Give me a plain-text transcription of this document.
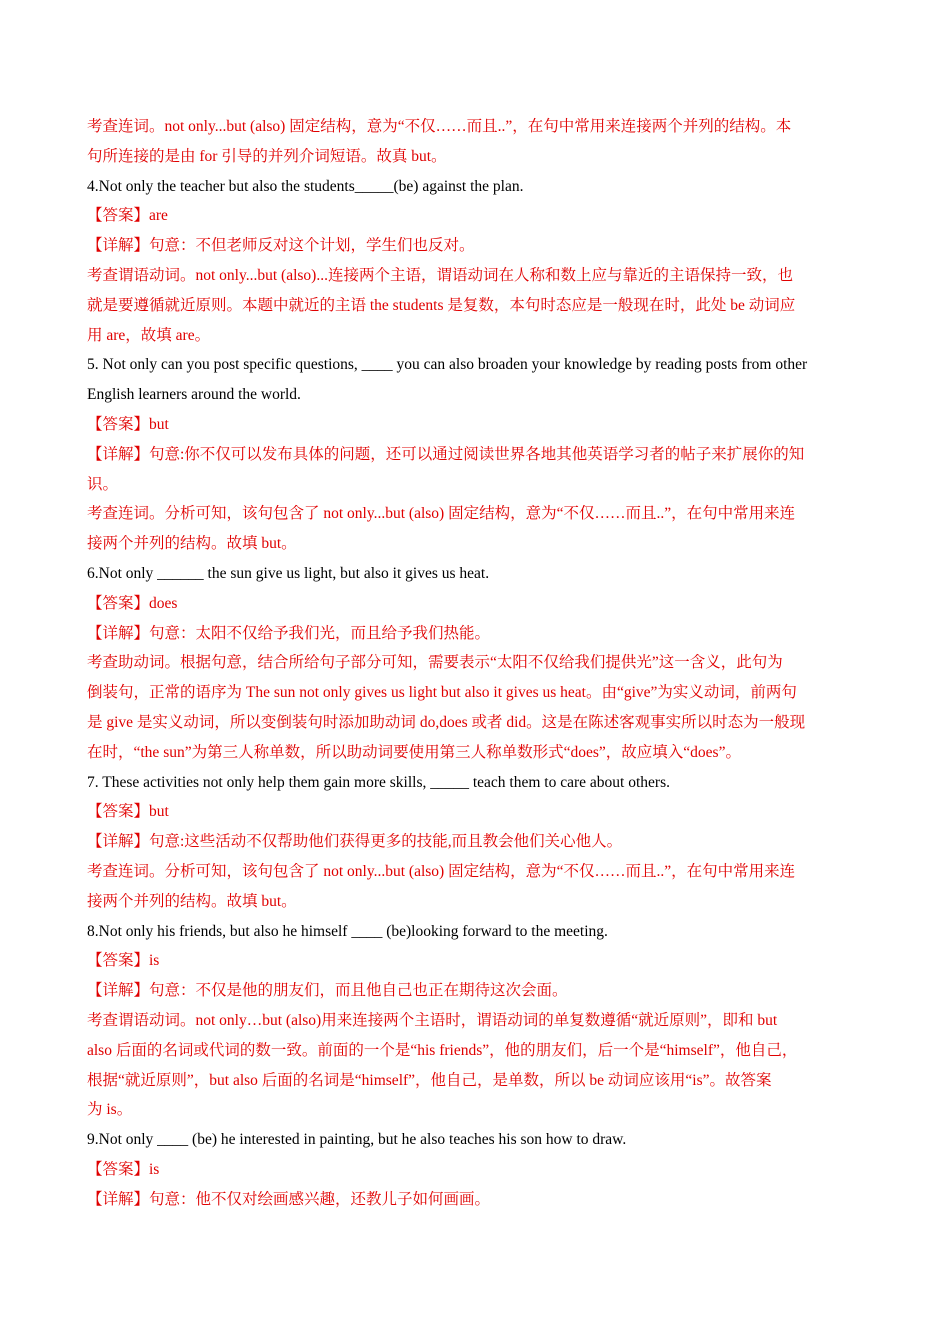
考查连词。not only...but (also) 固定结构，意为“不仅……而且..”，在句中常用来连接两个并列的结构。本

句所连接的是由 for 引导的并列介词短语。故真 but。

4.Not only the teacher but also the students_____(be) against the plan.

【答案】are

【详解】句意：不但老师反对这个计划，学生们也反对。

考查谓语动词。not only...but (also)...连接两个主语，谓语动词在人称和数上应与靠近的主语保持一致，也

就是要遵循就近原则。本题中就近的主语 the students 是复数，本句时态应是一般现在时，此处 be 动词应

用 are，故填 are。

5. Not only can you post specific questions, ____ you can also broaden your knowledge by reading posts from other

English learners around the world.

【答案】but

【详解】句意:你不仅可以发布具体的问题，还可以通过阅读世界各地其他英语学习者的帖子来扩展你的知

识。

考查连词。分析可知，该句包含了 not only...but (also) 固定结构，意为“不仅……而且..”，在句中常用来连

接两个并列的结构。故填 but。

6.Not only ______ the sun give us light, but also it gives us heat.

【答案】does

【详解】句意：太阳不仅给予我们光，而且给予我们热能。

考查助动词。根据句意，结合所给句子部分可知，需要表示“太阳不仅给我们提供光”这一含义，此句为

倒装句，正常的语序为 The sun not only gives us light but also it gives us heat。由“give”为实义动词，前两句

是 give 是实义动词，所以变倒装句时添加助动词 do,does 或者 did。这是在陈述客观事实所以时态为一般现

在时，“the sun”为第三人称单数，所以助动词要使用第三人称单数形式“does”，故应填入“does”。

7. These activities not only help them gain more skills, _____ teach them to care about others.

【答案】but

【详解】句意:这些活动不仅帮助他们获得更多的技能,而且教会他们关心他人。

考查连词。分析可知，该句包含了 not only...but (also) 固定结构，意为“不仅……而且..”，在句中常用来连

接两个并列的结构。故填 but。

8.Not only his friends, but also he himself ____ (be)looking forward to the meeting.

【答案】is

【详解】句意：不仅是他的朋友们，而且他自己也正在期待这次会面。

考查谓语动词。not only…but (also)用来连接两个主语时，谓语动词的单复数遵循“就近原则”，即和 but

also 后面的名词或代词的数一致。前面的一个是“his friends”，他的朋友们，后一个是“himself”，他自己，

根据“就近原则”，but also 后面的名词是“himself”，他自己，是单数，所以 be 动词应该用“is”。故答案

为 is。

9.Not only ____ (be) he interested in painting, but he also teaches his son how to draw.

【答案】is

【详解】句意：他不仅对绘画感兴趣，还教儿子如何画画。
